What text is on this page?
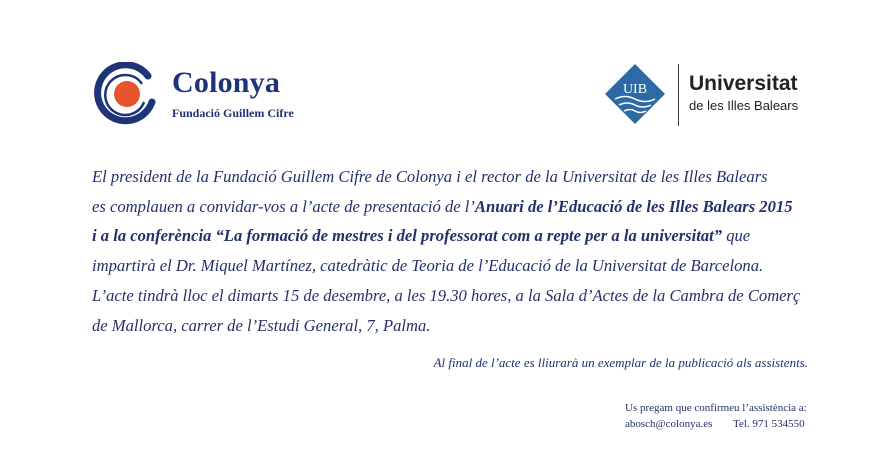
Colonya
Fundació Guillem Cifre
UIB Universitat
de les Illes Balears
El president de la Fundació Guillem Cifre de Colonya i el rector de la Universitat de les Illes Balears
es complauen a convidar-vos a l’acte de presentació de l’Anuari de l’Educació de les Illes Balears 2015
i a la conferència “La formació de mestres i del professorat com a repte per a la universitat” que
impartirà el Dr. Miquel Martínez, catedràtic de Teoria de l’Educació de la Universitat de Barcelona.
L’acte tindrà lloc el dimarts 15 de desembre, a les 19.30 hores, a la Sala d’Actes de la Cambra de Comerç
de Mallorca, carrer de l’Estudi General, 7, Palma.
Al final de l’acte es lliurarà un exemplar de la publicació als assistents.
Us pregam que confirmeu l’assistència a:
abosch@colonya.es Tel. 971 534550
